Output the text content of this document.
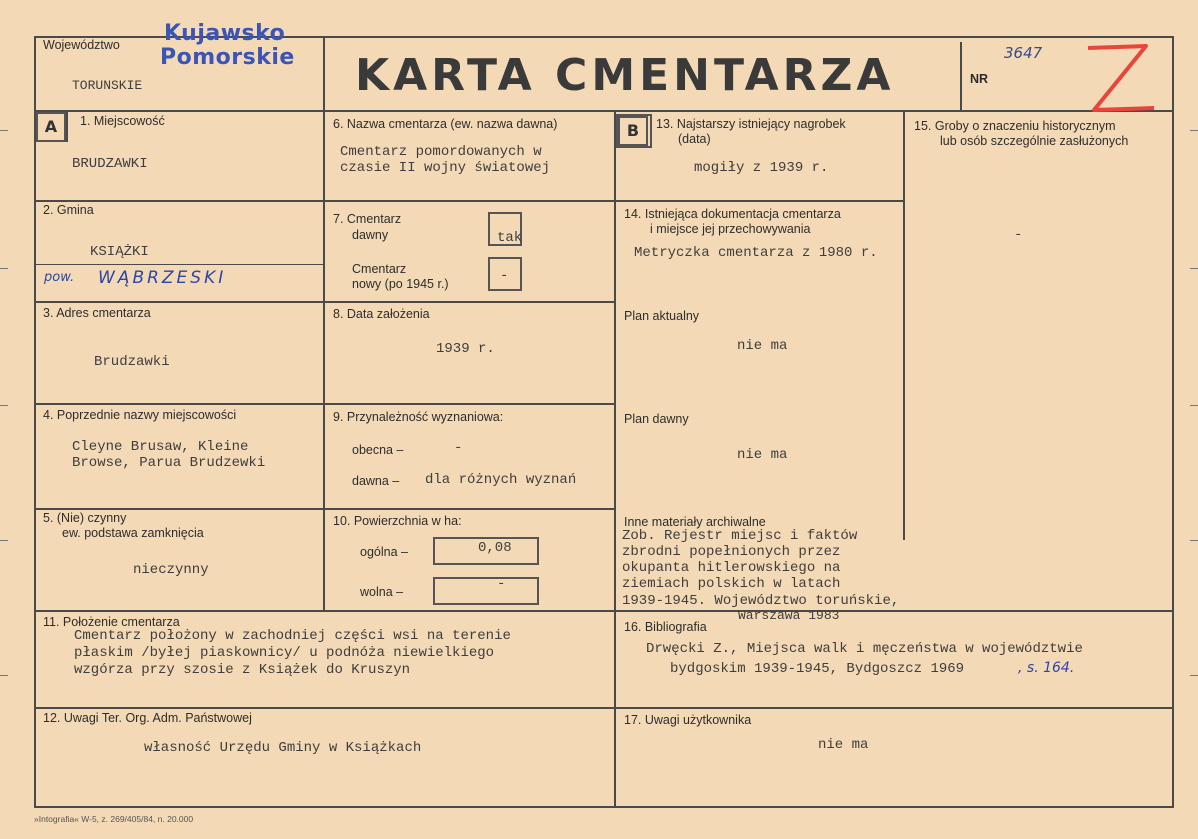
Województwo Kujawsko
Pomorskie
TORUNSKIE	KARTA CMENTARZA	NR
3647
A	1. Miejscowość
BRUDZAWKI
2. Gmina
KSIĄŻKI
pow. WĄBRZESKI
3. Adres cmentarza
Brudzawki
4. Poprzednie nazwy miejscowości
Cleyne Brusaw, Kleine
Browse, Parua Brudzewki
5. (Nie) czynny
ew. podstawa zamknięcia
nieczynny
6. Nazwa cmentarza (ew. nazwa dawna)
Cmentarz pomordowanych w
czasie II wojny światowej
7. Cmentarz
dawny	tak
Cmentarz
nowy (po 1945 r.)	-
8. Data założenia
1939 r.
9. Przynależność wyznaniowa:
obecna –	-
dawna – dla różnych wyznań
10. Powierzchnia w ha:
ogólna –	0,08
wolna –	-
B	13. Najstarszy istniejący nagrobek
(data)
mogiły z 1939 r.
14. Istniejąca dokumentacja cmentarza
i miejsce jej przechowywania
Metryczka cmentarza z 1980 r.
Plan aktualny
nie ma
Plan dawny
nie ma
Inne materiały archiwalne
Zob. Rejestr miejsc i faktów
zbrodni popełnionych przez
okupanta hitlerowskiego na
ziemiach polskich w latach
1939-1945. Województwo toruńskie,
Warszawa 1983
15. Groby o znaczeniu historycznym
lub osób szczególnie zasłużonych
-
11. Położenie cmentarza
Cmentarz położony w zachodniej części wsi na terenie
płaskim /byłej piaskownicy/ u podnóża niewielkiego
wzgórza przy szosie z Książek do Kruszyn
16. Bibliografia
Drwęcki Z., Miejsca walk i męczeństwa w województwie
bydgoskim 1939-1945, Bydgoszcz 1969	, s. 164.
12. Uwagi Ter. Org. Adm. Państwowej
własność Urzędu Gminy w Książkach
17. Uwagi użytkownika
nie ma
»Intografia« W-5, z. 269/405/84, n. 20.000
